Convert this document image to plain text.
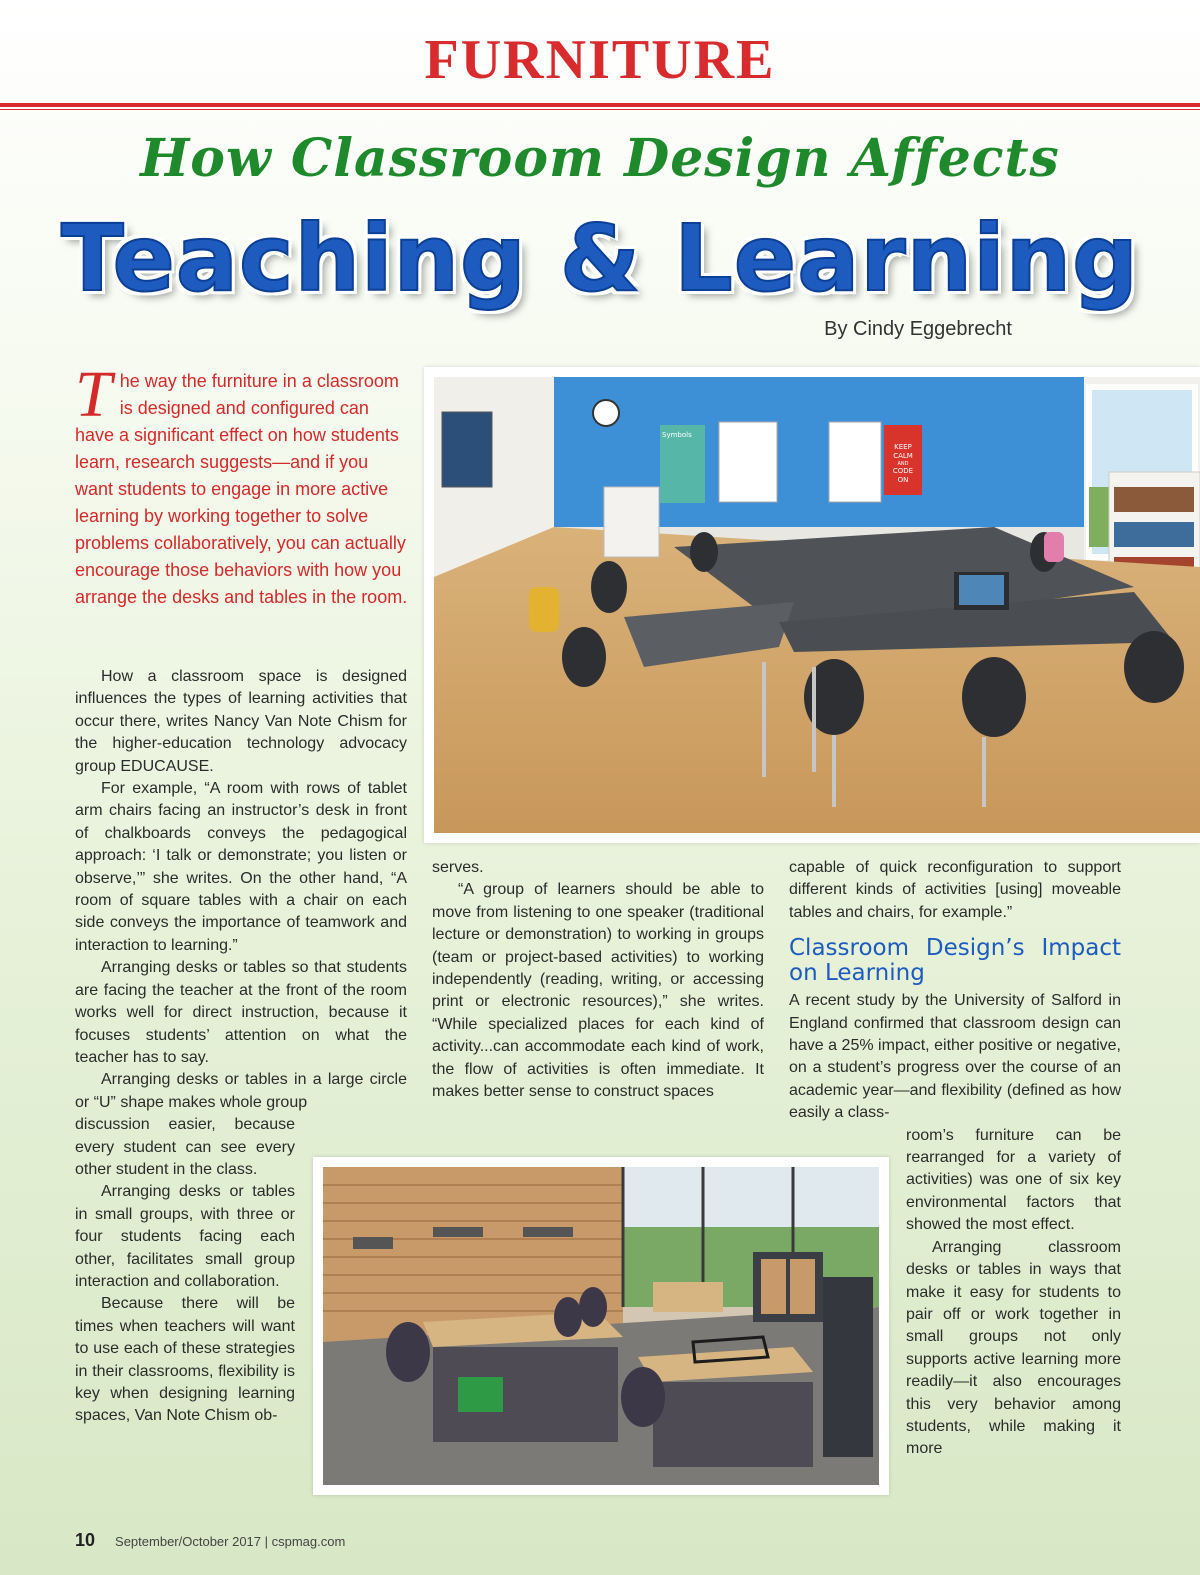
FURNITURE
How Classroom Design Affects
Teaching & Learning
By Cindy Eggebrecht
The way the furniture in a classroom is designed and configured can have a significant effect on how students learn, research suggests—and if you want students to engage in more active learning by working together to solve problems collaboratively, you can actually encourage those behaviors with how you arrange the desks and tables in the room.
Symbols
KEEP
CALM
AND
CODE
ON

How a classroom space is designed influences the types of learning activities that occur there, writes Nancy Van Note Chism for the higher-education technology advocacy group EDUCAUSE.

For example, “A room with rows of tablet arm chairs facing an instructor’s desk in front of chalkboards conveys the pedagogical approach: ‘I talk or demonstrate; you listen or observe,’” she writes. On the other hand, “A room of square tables with a chair on each side conveys the importance of teamwork and interaction to learning.”

Arranging desks or tables so that students are facing the teacher at the front of the room works well for direct instruction, because it focuses students’ attention on what the teacher has to say.

Arranging desks or tables in a large circle or “U” shape makes whole group

discussion easier, because every student can see every other student in the class.

Arranging desks or tables in small groups, with three or four students facing each other, facilitates small group interaction and collaboration.

Because there will be times when teachers will want to use each of these strategies in their classrooms, flexibility is key when designing learning spaces, Van Note Chism ob-

serves.

“A group of learners should be able to move from listening to one speaker (traditional lecture or demonstration) to working in groups (team or project-based activities) to working independently (reading, writing, or accessing print or electronic resources),” she writes. “While specialized places for each kind of activity...can accommodate each kind of work, the flow of activities is often immediate. It makes better sense to construct spaces

capable of quick reconfiguration to support different kinds of activities [using] moveable tables and chairs, for example.”

Classroom Design’s Impact on Learning

A recent study by the University of Salford in England confirmed that classroom design can have a 25% impact, either positive or negative, on a student’s progress over the course of an academic year—and flexibility (defined as how easily a class-

room’s furniture can be rearranged for a variety of activities) was one of six key environmental factors that showed the most effect.

Arranging classroom desks or tables in ways that make it easy for students to pair off or work together in small groups not only supports active learning more readily—it also encourages this very behavior among students, while making it more

10 September/October 2017 | cspmag.com
